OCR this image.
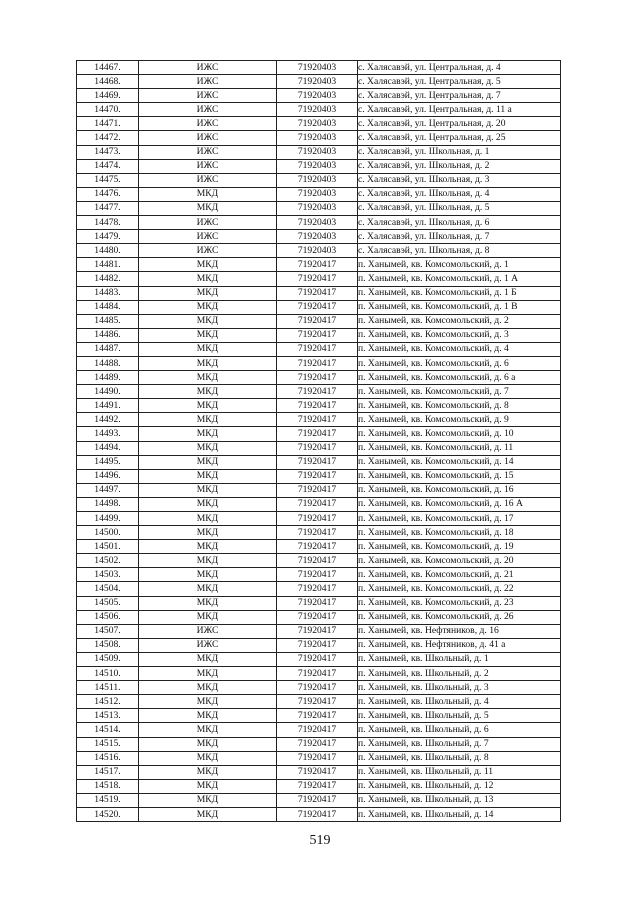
14467.	ИЖС	71920403	с. Халясавэй, ул. Центральная, д. 4
14468.	ИЖС	71920403	с. Халясавэй, ул. Центральная, д. 5
14469.	ИЖС	71920403	с. Халясавэй, ул. Центральная, д. 7
14470.	ИЖС	71920403	с. Халясавэй, ул. Центральная, д. 11 а
14471.	ИЖС	71920403	с. Халясавэй, ул. Центральная, д. 20
14472.	ИЖС	71920403	с. Халясавэй, ул. Центральная, д. 25
14473.	ИЖС	71920403	с. Халясавэй, ул. Школьная, д. 1
14474.	ИЖС	71920403	с. Халясавэй, ул. Школьная, д. 2
14475.	ИЖС	71920403	с. Халясавэй, ул. Школьная, д. 3
14476.	МКД	71920403	с. Халясавэй, ул. Школьная, д. 4
14477.	МКД	71920403	с. Халясавэй, ул. Школьная, д. 5
14478.	ИЖС	71920403	с. Халясавэй, ул. Школьная, д. 6
14479.	ИЖС	71920403	с. Халясавэй, ул. Школьная, д. 7
14480.	ИЖС	71920403	с. Халясавэй, ул. Школьная, д. 8
14481.	МКД	71920417	п. Ханымей, кв. Комсомольский, д. 1
14482.	МКД	71920417	п. Ханымей, кв. Комсомольский, д. 1 А
14483.	МКД	71920417	п. Ханымей, кв. Комсомольский, д. 1 Б
14484.	МКД	71920417	п. Ханымей, кв. Комсомольский, д. 1 В
14485.	МКД	71920417	п. Ханымей, кв. Комсомольский, д. 2
14486.	МКД	71920417	п. Ханымей, кв. Комсомольский, д. 3
14487.	МКД	71920417	п. Ханымей, кв. Комсомольский, д. 4
14488.	МКД	71920417	п. Ханымей, кв. Комсомольский, д. 6
14489.	МКД	71920417	п. Ханымей, кв. Комсомольский, д. 6 а
14490.	МКД	71920417	п. Ханымей, кв. Комсомольский, д. 7
14491.	МКД	71920417	п. Ханымей, кв. Комсомольский, д. 8
14492.	МКД	71920417	п. Ханымей, кв. Комсомольский, д. 9
14493.	МКД	71920417	п. Ханымей, кв. Комсомольский, д. 10
14494.	МКД	71920417	п. Ханымей, кв. Комсомольский, д. 11
14495.	МКД	71920417	п. Ханымей, кв. Комсомольский, д. 14
14496.	МКД	71920417	п. Ханымей, кв. Комсомольский, д. 15
14497.	МКД	71920417	п. Ханымей, кв. Комсомольский, д. 16
14498.	МКД	71920417	п. Ханымей, кв. Комсомольский, д. 16 А
14499.	МКД	71920417	п. Ханымей, кв. Комсомольский, д. 17
14500.	МКД	71920417	п. Ханымей, кв. Комсомольский, д. 18
14501.	МКД	71920417	п. Ханымей, кв. Комсомольский, д. 19
14502.	МКД	71920417	п. Ханымей, кв. Комсомольский, д. 20
14503.	МКД	71920417	п. Ханымей, кв. Комсомольский, д. 21
14504.	МКД	71920417	п. Ханымей, кв. Комсомольский, д. 22
14505.	МКД	71920417	п. Ханымей, кв. Комсомольский, д. 23
14506.	МКД	71920417	п. Ханымей, кв. Комсомольский, д. 26
14507.	ИЖС	71920417	п. Ханымей, кв. Нефтяников, д. 16
14508.	ИЖС	71920417	п. Ханымей, кв. Нефтяников, д. 41 а
14509.	МКД	71920417	п. Ханымей, кв. Школьный, д. 1
14510.	МКД	71920417	п. Ханымей, кв. Школьный, д. 2
14511.	МКД	71920417	п. Ханымей, кв. Школьный, д. 3
14512.	МКД	71920417	п. Ханымей, кв. Школьный, д. 4
14513.	МКД	71920417	п. Ханымей, кв. Школьный, д. 5
14514.	МКД	71920417	п. Ханымей, кв. Школьный, д. 6
14515.	МКД	71920417	п. Ханымей, кв. Школьный, д. 7
14516.	МКД	71920417	п. Ханымей, кв. Школьный, д. 8
14517.	МКД	71920417	п. Ханымей, кв. Школьный, д. 11
14518.	МКД	71920417	п. Ханымей, кв. Школьный, д. 12
14519.	МКД	71920417	п. Ханымей, кв. Школьный, д. 13
14520.	МКД	71920417	п. Ханымей, кв. Школьный, д. 14
519
